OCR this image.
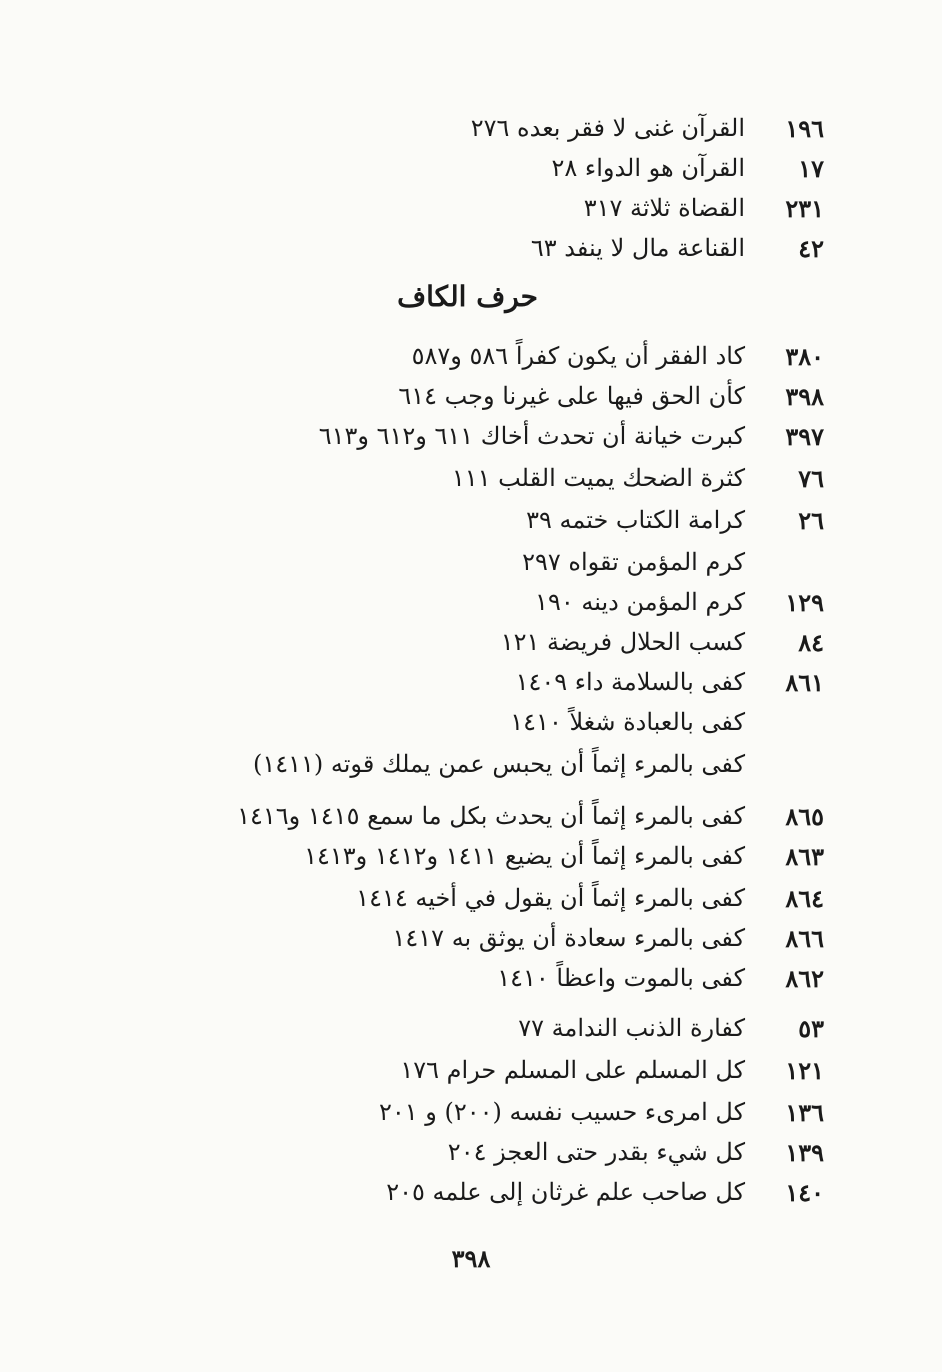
١٩٦
القرآن غنى لا فقر بعده ٢٧٦
١٧
القرآن هو الدواء ٢٨
٢٣١
القضاة ثلاثة ٣١٧
٤٢
القناعة مال لا ينفد ٦٣
حرف الكاف
٣٨٠
كاد الفقر أن يكون كفراً ٥٨٦ و٥٨٧
٣٩٨
كأن الحق فيها على غيرنا وجب ٦١٤
٣٩٧
كبرت خيانة أن تحدث أخاك ٦١١ و٦١٢ و٦١٣
٧٦
كثرة الضحك يميت القلب ١١١
٢٦
كرامة الكتاب ختمه ٣٩
كرم المؤمن تقواه ٢٩٧
١٢٩
كرم المؤمن دينه ١٩٠
٨٤
كسب الحلال فريضة ١٢١
٨٦١
كفى بالسلامة داء ١٤٠٩
كفى بالعبادة شغلاً ١٤١٠
كفى بالمرء إثماً أن يحبس عمن يملك قوته (١٤١١)
٨٦٥
كفى بالمرء إثماً أن يحدث بكل ما سمع ١٤١٥ و١٤١٦
٨٦٣
كفى بالمرء إثماً أن يضيع ١٤١١ و١٤١٢ و١٤١٣
٨٦٤
كفى بالمرء إثماً أن يقول في أخيه ١٤١٤
٨٦٦
كفى بالمرء سعادة أن يوثق به ١٤١٧
٨٦٢
كفى بالموت واعظاً ١٤١٠
٥٣
كفارة الذنب الندامة ٧٧
١٢١
كل المسلم على المسلم حرام ١٧٦
١٣٦
كل امرىء حسيب نفسه (٢٠٠) و ٢٠١
١٣٩
كل شيء بقدر حتى العجز ٢٠٤
١٤٠
كل صاحب علم غرثان إلى علمه ٢٠٥
٣٩٨
